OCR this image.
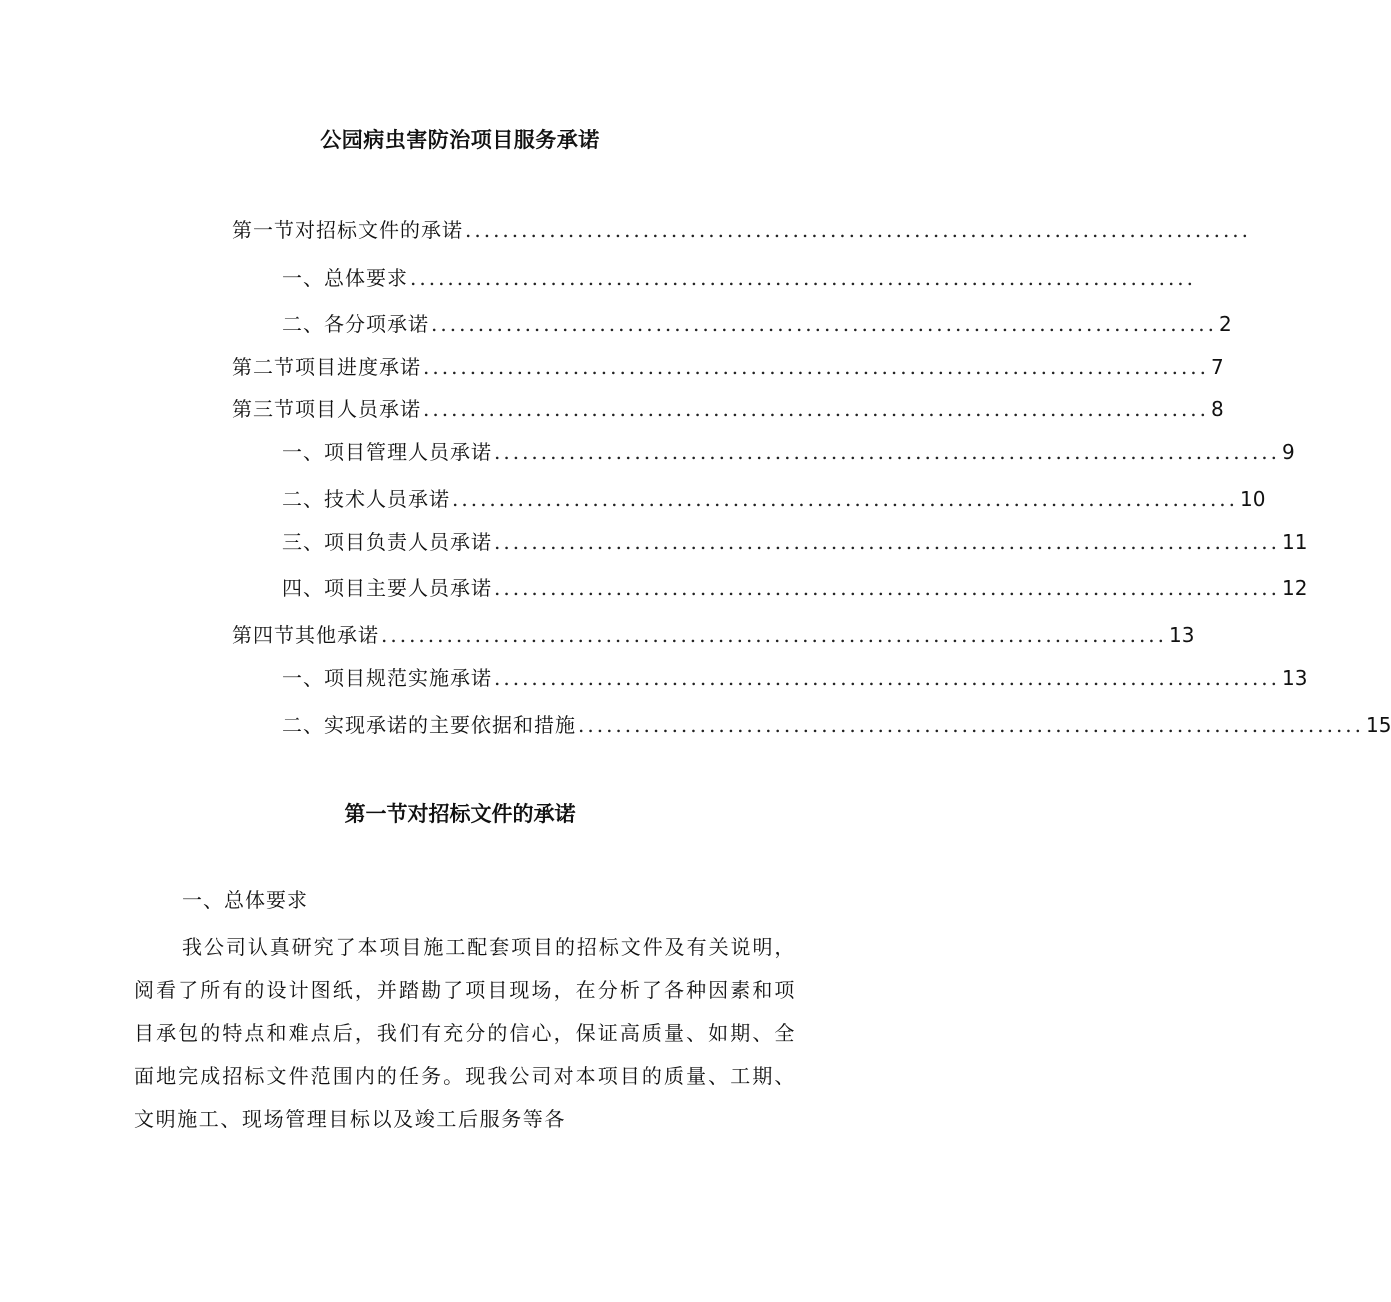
公园病虫害防治项目服务承诺
第一节对招标文件的承诺 ....................................................................................
一、总体要求 ....................................................................................
二、各分项承诺 .................................................................................... 2
第二节项目进度承诺 .................................................................................... 7
第三节项目人员承诺 .................................................................................... 8
一、项目管理人员承诺 .................................................................................... 9
二、技术人员承诺 .................................................................................... 10
三、项目负责人员承诺 .................................................................................... 11
四、项目主要人员承诺 .................................................................................... 12
第四节其他承诺 .................................................................................... 13
一、项目规范实施承诺 .................................................................................... 13
二、实现承诺的主要依据和措施 .................................................................................... 15
第一节对招标文件的承诺
一、总体要求
我公司认真研究了本项目施工配套项目的招标文件及有关说明，阅看了所有的设计图纸，并踏勘了项目现场，在分析了各种因素和项目承包的特点和难点后，我们有充分的信心，保证高质量、如期、全面地完成招标文件范围内的任务。现我公司对本项目的质量、工期、文明施工、现场管理目标以及竣工后服务等各
